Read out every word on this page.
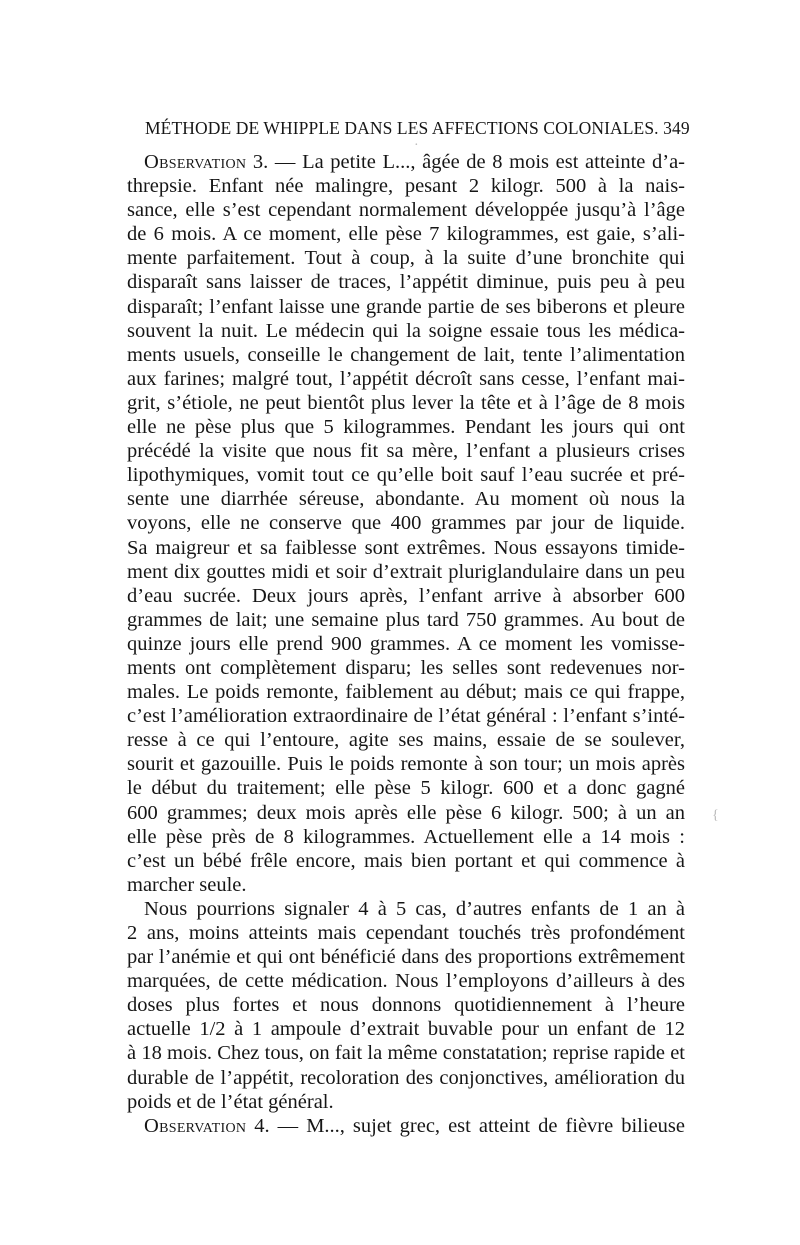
MÉTHODE DE WHIPPLE DANS LES AFFECTIONS COLONIALES. 349
·
{
Observation 3. — La petite L..., âgée de 8 mois est atteinte d’a-
threpsie. Enfant née malingre, pesant 2 kilogr. 500 à la nais-
sance, elle s’est cependant normalement développée jusqu’à l’âge
de 6 mois. A ce moment, elle pèse 7 kilogrammes, est gaie, s’ali-
mente parfaitement. Tout à coup, à la suite d’une bronchite qui
disparaît sans laisser de traces, l’appétit diminue, puis peu à peu
disparaît; l’enfant laisse une grande partie de ses biberons et pleure
souvent la nuit. Le médecin qui la soigne essaie tous les médica-
ments usuels, conseille le changement de lait, tente l’alimentation
aux farines; malgré tout, l’appétit décroît sans cesse, l’enfant mai-
grit, s’étiole, ne peut bientôt plus lever la tête et à l’âge de 8 mois
elle ne pèse plus que 5 kilogrammes. Pendant les jours qui ont
précédé la visite que nous fit sa mère, l’enfant a plusieurs crises
lipothymiques, vomit tout ce qu’elle boit sauf l’eau sucrée et pré-
sente une diarrhée séreuse, abondante. Au moment où nous la
voyons, elle ne conserve que 400 grammes par jour de liquide.
Sa maigreur et sa faiblesse sont extrêmes. Nous essayons timide-
ment dix gouttes midi et soir d’extrait pluriglandulaire dans un peu
d’eau sucrée. Deux jours après, l’enfant arrive à absorber 600
grammes de lait; une semaine plus tard 750 grammes. Au bout de
quinze jours elle prend 900 grammes. A ce moment les vomisse-
ments ont complètement disparu; les selles sont redevenues nor-
males. Le poids remonte, faiblement au début; mais ce qui frappe,
c’est l’amélioration extraordinaire de l’état général : l’enfant s’inté-
resse à ce qui l’entoure, agite ses mains, essaie de se soulever,
sourit et gazouille. Puis le poids remonte à son tour; un mois après
le début du traitement; elle pèse 5 kilogr. 600 et a donc gagné
600 grammes; deux mois après elle pèse 6 kilogr. 500; à un an
elle pèse près de 8 kilogrammes. Actuellement elle a 14 mois :
c’est un bébé frêle encore, mais bien portant et qui commence à
marcher seule.
Nous pourrions signaler 4 à 5 cas, d’autres enfants de 1 an à
2 ans, moins atteints mais cependant touchés très profondément
par l’anémie et qui ont bénéficié dans des proportions extrêmement
marquées, de cette médication. Nous l’employons d’ailleurs à des
doses plus fortes et nous donnons quotidiennement à l’heure
actuelle 1/2 à 1 ampoule d’extrait buvable pour un enfant de 12
à 18 mois. Chez tous, on fait la même constatation; reprise rapide et
durable de l’appétit, recoloration des conjonctives, amélioration du
poids et de l’état général.
Observation 4. — M..., sujet grec, est atteint de fièvre bilieuse
